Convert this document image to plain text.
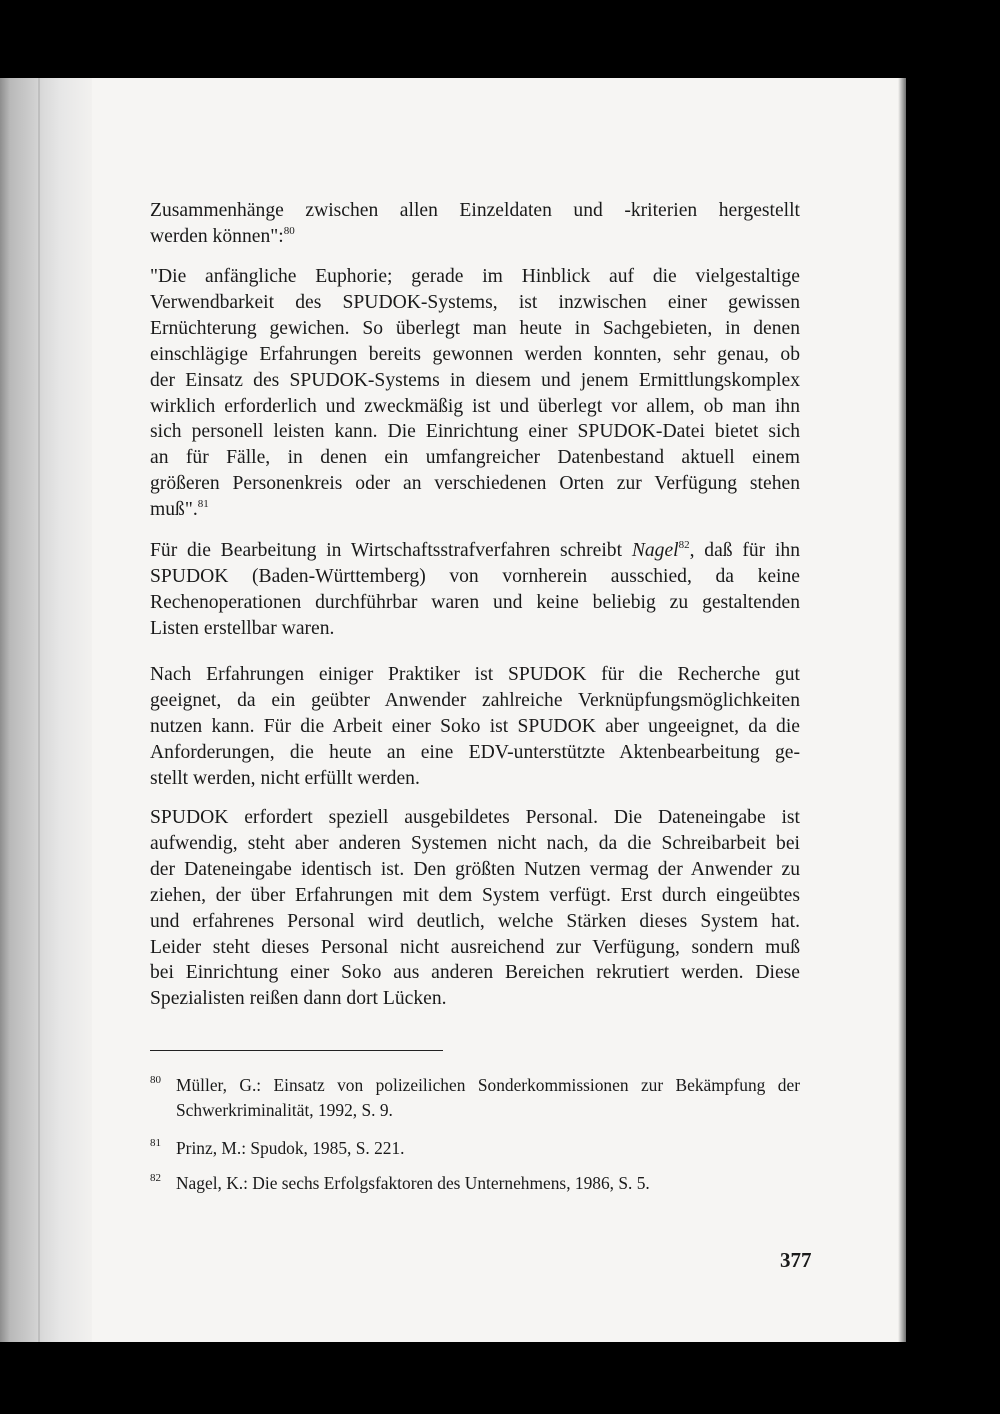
Zusammenhänge zwischen allen Einzeldaten und -kriterien hergestellt
werden können":$^{80}$

"Die anfängliche Euphorie; gerade im Hinblick auf die vielgestaltige
Verwendbarkeit des SPUDOK-Systems, ist inzwischen einer gewissen
Ernüchterung gewichen. So überlegt man heute in Sachgebieten, in denen
einschlägige Erfahrungen bereits gewonnen werden konnten, sehr genau, ob
der Einsatz des SPUDOK-Systems in diesem und jenem Ermittlungskomplex
wirklich erforderlich und zweckmäßig ist und überlegt vor allem, ob man ihn
sich personell leisten kann. Die Einrichtung einer SPUDOK-Datei bietet sich
an für Fälle, in denen ein umfangreicher Datenbestand aktuell einem
größeren Personenkreis oder an verschiedenen Orten zur Verfügung stehen
muß".$^{81}$

Für die Bearbeitung in Wirtschaftsstrafverfahren schreibt Nagel$^{82}$, daß für ihn
SPUDOK (Baden-Württemberg) von vornherein ausschied, da keine
Rechenoperationen durchführbar waren und keine beliebig zu gestaltenden
Listen erstellbar waren.

Nach Erfahrungen einiger Praktiker ist SPUDOK für die Recherche gut
geeignet, da ein geübter Anwender zahlreiche Verknüpfungsmöglichkeiten
nutzen kann. Für die Arbeit einer Soko ist SPUDOK aber ungeeignet, da die
Anforderungen, die heute an eine EDV-unterstützte Aktenbearbeitung ge-
stellt werden, nicht erfüllt werden.

SPUDOK erfordert speziell ausgebildetes Personal. Die Dateneingabe ist
aufwendig, steht aber anderen Systemen nicht nach, da die Schreibarbeit bei
der Dateneingabe identisch ist. Den größten Nutzen vermag der Anwender zu
ziehen, der über Erfahrungen mit dem System verfügt. Erst durch eingeübtes
und erfahrenes Personal wird deutlich, welche Stärken dieses System hat.
Leider steht dieses Personal nicht ausreichend zur Verfügung, sondern muß
bei Einrichtung einer Soko aus anderen Bereichen rekrutiert werden. Diese
Spezialisten reißen dann dort Lücken.

80 Müller, G.: Einsatz von polizeilichen Sonderkommissionen zur Bekämpfung der
Schwerkriminalität, 1992, S. 9.
81 Prinz, M.: Spudok, 1985, S. 221.
82 Nagel, K.: Die sechs Erfolgsfaktoren des Unternehmens, 1986, S. 5.
377
